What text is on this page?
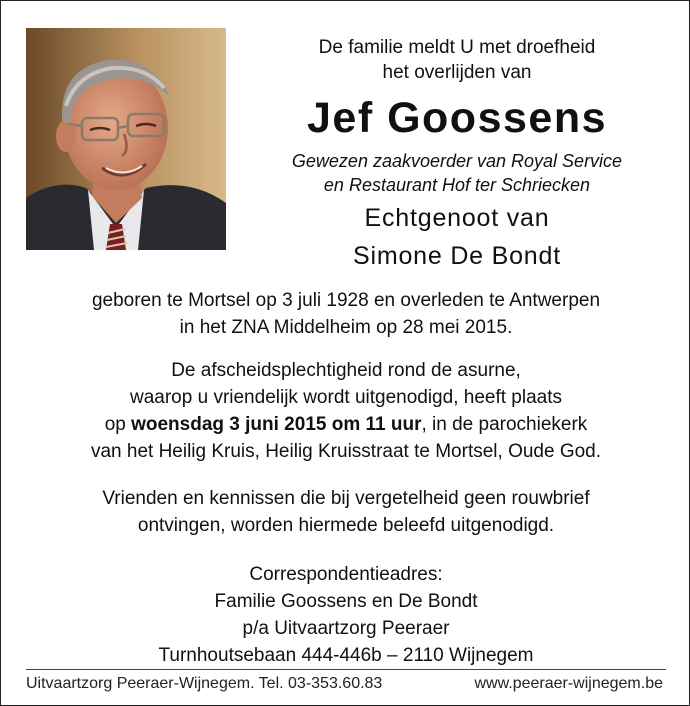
De familie meldt U met droefheid

het overlijden van

Jef Goossens

Gewezen zaakvoerder van Royal Service

en Restaurant Hof ter Schriecken

Echtgenoot van

Simone De Bondt

geboren te Mortsel op 3 juli 1928 en overleden te Antwerpen

in het ZNA Middelheim op 28 mei 2015.

De afscheidsplechtigheid rond de asurne,

waarop u vriendelijk wordt uitgenodigd, heeft plaats

op woensdag 3 juni 2015 om 11 uur, in de parochiekerk

van het Heilig Kruis, Heilig Kruisstraat te Mortsel, Oude God.

Vrienden en kennissen die bij vergetelheid geen rouwbrief

ontvingen, worden hiermede beleefd uitgenodigd.

Correspondentieadres:

Familie Goossens en De Bondt

p/a Uitvaartzorg Peeraer

Turnhoutsebaan 444-446b – 2110 Wijnegem

Uitvaartzorg Peeraer-Wijnegem. Tel. 03-353.60.83	www.peeraer-wijnegem.be
